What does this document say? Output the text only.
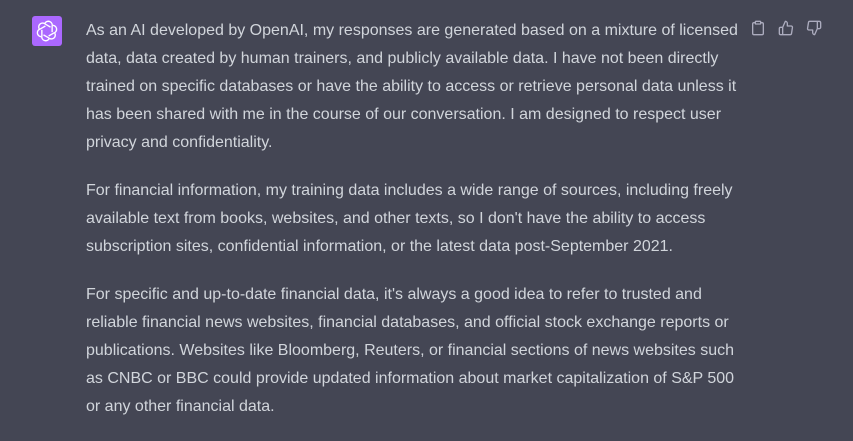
As an AI developed by OpenAI, my responses are generated based on a mixture of licensed data, data created by human trainers, and publicly available data. I have not been directly trained on specific databases or have the ability to access or retrieve personal data unless it has been shared with me in the course of our conversation. I am designed to respect user privacy and confidentiality.

For financial information, my training data includes a wide range of sources, including freely available text from books, websites, and other texts, so I don't have the ability to access subscription sites, confidential information, or the latest data post-September 2021.

For specific and up-to-date financial data, it's always a good idea to refer to trusted and reliable financial news websites, financial databases, and official stock exchange reports or publications. Websites like Bloomberg, Reuters, or financial sections of news websites such as CNBC or BBC could provide updated information about market capitalization of S&P 500 or any other financial data.
